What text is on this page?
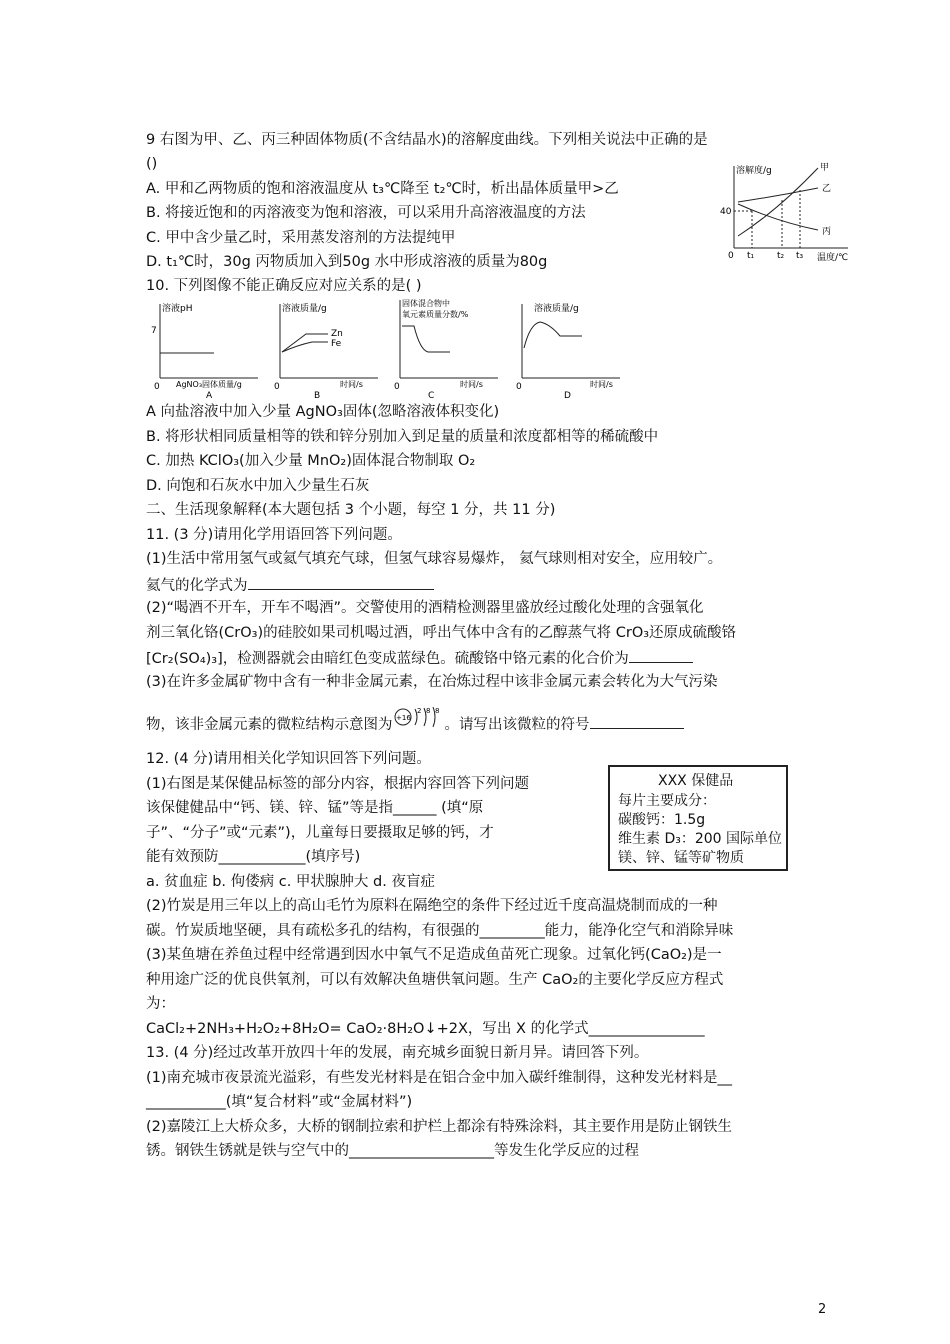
9 右图为甲、乙、丙三种固体物质(不含结晶水)的溶解度曲线。下列相关说法中正确的是
()
A. 甲和乙两物质的饱和溶液温度从 t₃℃降至 t₂℃时，析出晶体质量甲>乙
B. 将接近饱和的丙溶液变为饱和溶液，可以采用升高溶液温度的方法
C. 甲中含少量乙时，采用蒸发溶剂的方法提纯甲
D. t₁℃时，30g 丙物质加入到50g 水中形成溶液的质量为80g
溶解度/g
温度/℃
40
0 t₁	t₂ t₃
甲
乙
丙
10. 下列图像不能正确反应对应关系的是( )
溶液pH
7
0 AgNO₃固体质量/g
A
溶液质量/g
0	时间/s
B
Zn
Fe
固体混合物中
氧元素质量分数/%
0	时间/s
C
溶液质量/g
0	时间/s
D
A 向盐溶液中加入少量 AgNO₃固体(忽略溶液体积变化)
B. 将形状相同质量相等的铁和锌分别加入到足量的质量和浓度都相等的稀硫酸中
C. 加热 KClO₃(加入少量 MnO₂)固体混合物制取 O₂
D. 向饱和石灰水中加入少量生石灰
二、生活现象解释(本大题包括 3 个小题，每空 1 分，共 11 分)
11. (3 分)请用化学用语回答下列问题。
(1)生活中常用氢气或氦气填充气球，但氢气球容易爆炸， 氦气球则相对安全，应用较广。
氦气的化学式为
(2)“喝酒不开车，开车不喝酒”。交警使用的酒精检测器里盛放经过酸化处理的含强氧化
剂三氧化铬(CrO₃)的硅胶如果司机喝过酒，呼出气体中含有的乙醇蒸气将 CrO₃还原成硫酸铬
[Cr₂(SO₄)₃]，检测器就会由暗红色变成蓝绿色。硫酸铬中铬元素的化合价为
(3)在许多金属矿物中含有一种非金属元素，在冶炼过程中该非金属元素会转化为大气污染
物，该非金属元素的微粒结构示意图为 +16
2 8 8
。请写出该微粒的符号
12. (4 分)请用相关化学知识回答下列问题。
(1)右图是某保健品标签的部分内容，根据内容回答下列问题
该保健健品中“钙、镁、锌、锰”等是指______ (填“原
子”、“分子”或“元素”)，儿童每日要摄取足够的钙，才
能有效预防____________(填序号)
a. 贫血症 b. 佝偻病 c. 甲状腺肿大 d. 夜盲症
XXX 保健品
每片主要成分：
碳酸钙：1.5g
维生素 D₃：200 国际单位
镁、锌、锰等矿物质
(2)竹炭是用三年以上的高山毛竹为原料在隔绝空的条件下经过近千度高温烧制而成的一种
碳。竹炭质地坚硬，具有疏松多孔的结构，有很强的_________能力，能净化空气和消除异味
(3)某鱼塘在养鱼过程中经常遇到因水中氧气不足造成鱼苗死亡现象。过氧化钙(CaO₂)是一
种用途广泛的优良供氧剂，可以有效解决鱼塘供氧问题。生产 CaO₂的主要化学反应方程式
为：
CaCl₂+2NH₃+H₂O₂+8H₂O= CaO₂·8H₂O↓+2X，写出 X 的化学式________________
13. (4 分)经过改革开放四十年的发展，南充城乡面貌日新月异。请回答下列。
(1)南充城市夜景流光溢彩，有些发光材料是在铝合金中加入碳纤维制得，这种发光材料是__
___________(填“复合材料”或“金属材料”)
(2)嘉陵江上大桥众多，大桥的钢制拉索和护栏上都涂有特殊涂料，其主要作用是防止钢铁生
锈。钢铁生锈就是铁与空气中的____________________等发生化学反应的过程
2
